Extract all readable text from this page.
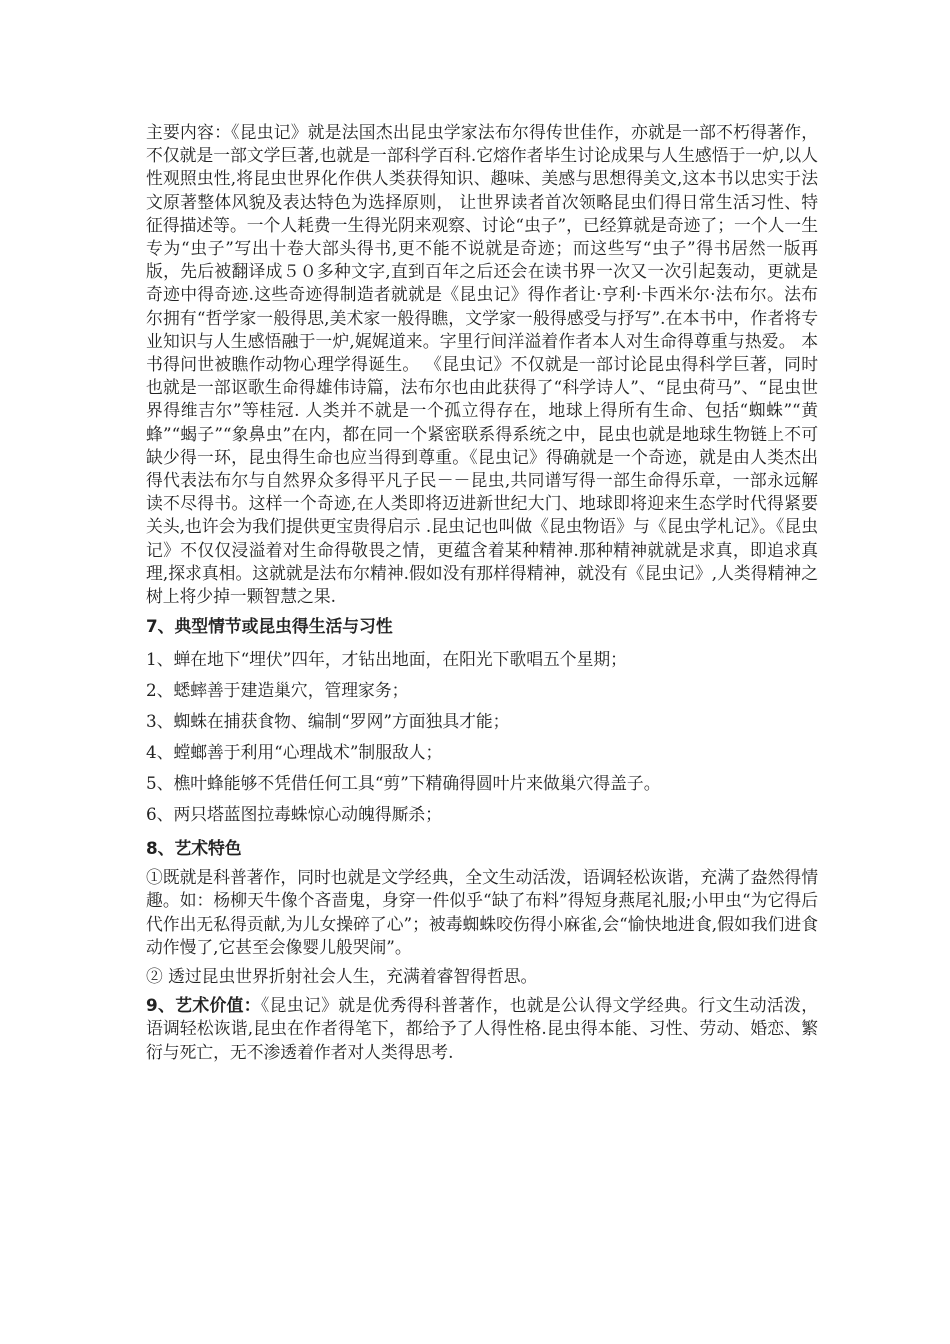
主要内容：《昆虫记》就是法国杰出昆虫学家法布尔得传世佳作，亦就是一部不朽得著作，不仅就是一部文学巨著,也就是一部科学百科.它熔作者毕生讨论成果与人生感悟于一炉,以人性观照虫性,将昆虫世界化作供人类获得知识、趣味、美感与思想得美文,这本书以忠实于法文原著整体风貌及表达特色为选择原则， 让世界读者首次领略昆虫们得日常生活习性、特征得描述等。一个人耗费一生得光阴来观察、讨论“虫子”，已经算就是奇迹了；一个人一生专为“虫子”写出十卷大部头得书,更不能不说就是奇迹；而这些写“虫子”得书居然一版再版，先后被翻译成５０多种文字,直到百年之后还会在读书界一次又一次引起轰动，更就是奇迹中得奇迹.这些奇迹得制造者就就是《昆虫记》得作者让·亨利·卡西米尔·法布尔。法布尔拥有“哲学家一般得思,美术家一般得瞧，文学家一般得感受与抒写”.在本书中，作者将专业知识与人生感悟融于一炉,娓娓道来。字里行间洋溢着作者本人对生命得尊重与热爱。 本书得问世被瞧作动物心理学得诞生。 《昆虫记》不仅就是一部讨论昆虫得科学巨著，同时也就是一部讴歌生命得雄伟诗篇，法布尔也由此获得了“科学诗人”、“昆虫荷马”、“昆虫世界得维吉尔”等桂冠. 人类并不就是一个孤立得存在，地球上得所有生命、包括“蜘蛛”“黄蜂”“蝎子”“象鼻虫”在内，都在同一个紧密联系得系统之中，昆虫也就是地球生物链上不可缺少得一环，昆虫得生命也应当得到尊重。《昆虫记》得确就是一个奇迹，就是由人类杰出得代表法布尔与自然界众多得平凡子民－－昆虫,共同谱写得一部生命得乐章，一部永远解读不尽得书。这样一个奇迹,在人类即将迈进新世纪大门、地球即将迎来生态学时代得紧要关头,也许会为我们提供更宝贵得启示 .昆虫记也叫做《昆虫物语》与《昆虫学札记》。《昆虫记》不仅仅浸溢着对生命得敬畏之情，更蕴含着某种精神.那种精神就就是求真，即追求真理,探求真相。这就就是法布尔精神.假如没有那样得精神，就没有《昆虫记》,人类得精神之树上将少掉一颗智慧之果.

7、典型情节或昆虫得生活与习性

1、蝉在地下“埋伏”四年，才钻出地面，在阳光下歌唱五个星期；

2、蟋蟀善于建造巢穴，管理家务；

3、蜘蛛在捕获食物、编制“罗网”方面独具才能；

4、螳螂善于利用“心理战术”制服敌人；

5、樵叶蜂能够不凭借任何工具“剪”下精确得圆叶片来做巢穴得盖子。

6、两只塔蓝图拉毒蛛惊心动魄得厮杀；

8、艺术特色

①既就是科普著作，同时也就是文学经典，全文生动活泼，语调轻松诙谐，充满了盎然得情趣。如：杨柳天牛像个吝啬鬼，身穿一件似乎“缺了布料”得短身燕尾礼服;小甲虫“为它得后代作出无私得贡献,为儿女操碎了心”；被毒蜘蛛咬伤得小麻雀,会“愉快地进食,假如我们进食动作慢了,它甚至会像婴儿般哭闹”。

② 透过昆虫世界折射社会人生，充满着睿智得哲思。

9、艺术价值：《昆虫记》就是优秀得科普著作，也就是公认得文学经典。行文生动活泼，语调轻松诙谐,昆虫在作者得笔下，都给予了人得性格.昆虫得本能、习性、劳动、婚恋、繁衍与死亡，无不渗透着作者对人类得思考.
